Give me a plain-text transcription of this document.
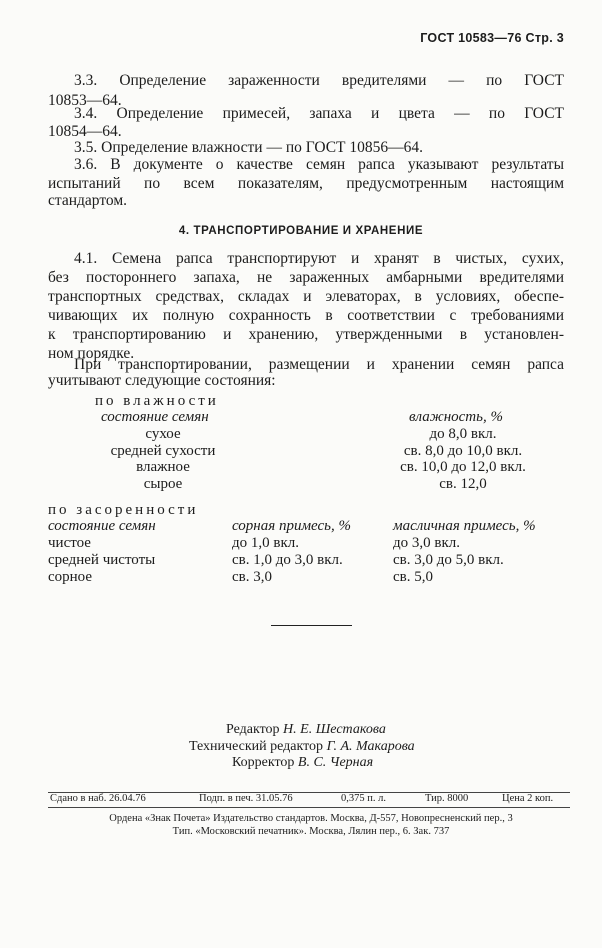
ГОСТ 10583—76 Стр. 3
3.3. Определение зараженности вредителями — по ГОСТ
10853—64.
3.4. Определение примесей, запаха и цвета — по ГОСТ
10854—64.
3.5. Определение влажности — по ГОСТ 10856—64.
3.6. В документе о качестве семян рапса указывают результаты
испытаний по всем показателям, предусмотренным настоящим
стандартом.
4. ТРАНСПОРТИРОВАНИЕ И ХРАНЕНИЕ
4.1. Семена рапса транспортируют и хранят в чистых, сухих,
без постороннего запаха, не зараженных амбарными вредителями
транспортных средствах, складах и элеваторах, в условиях, обеспе-
чивающих их полную сохранность в соответствии с требованиями
к транспортированию и хранению, утвержденными в установлен-
ном порядке.
При транспортировании, размещении и хранении семян рапса
учитывают следующие состояния:
по влажности
состояние семян	влажность, %
сухое	до 8,0 вкл.
средней сухости	св. 8,0 до 10,0 вкл.
влажное	св. 10,0 до 12,0 вкл.
сырое	св. 12,0
по засоренности
состояние семян	сорная примесь, %	масличная примесь, %
чистое	до 1,0 вкл.	до 3,0 вкл.
средней чистоты	св. 1,0 до 3,0 вкл.	св. 3,0 до 5,0 вкл.
сорное	св. 3,0	св. 5,0
Редактор Н. Е. Шестакова
Технический редактор Г. А. Макарова
Корректор В. С. Черная
Сдано в наб. 26.04.76	Подп. в печ. 31.05.76	0,375 п. л.	Тир. 8000	Цена 2 коп.
Ордена «Знак Почета» Издательство стандартов. Москва, Д-557, Новопресненский пер., 3
Тип. «Московский печатник». Москва, Лялин пер., 6. Зак. 737
